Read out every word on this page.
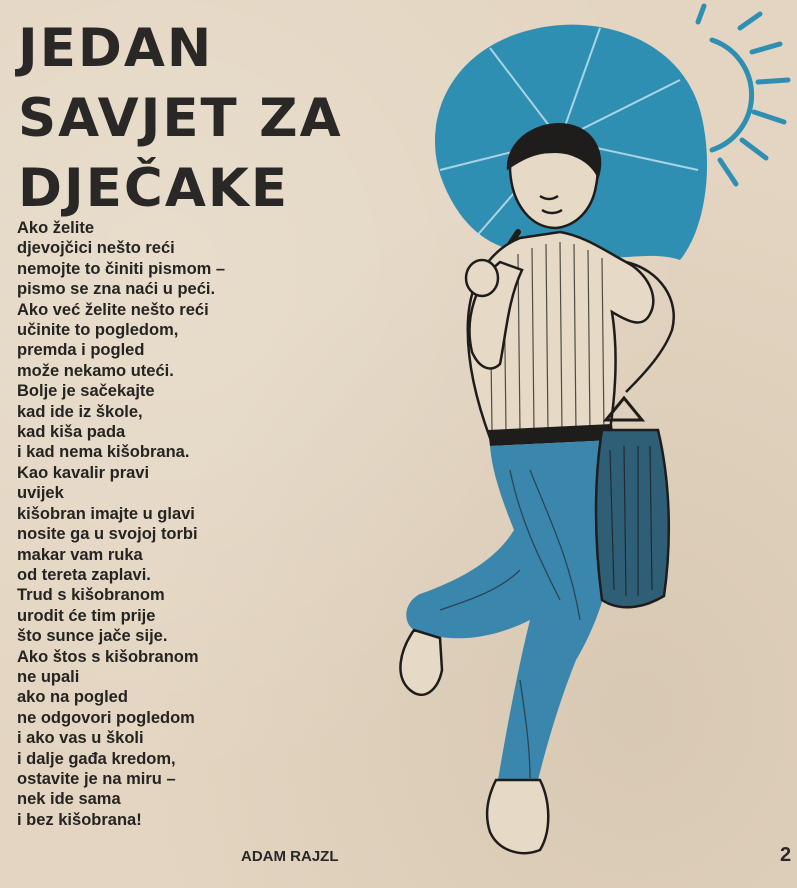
JEDAN
SAVJET ZA
DJEČAKE
Ako želite
djevojčici nešto reći
nemojte to činiti pismom –
pismo se zna naći u peći.
Ako već želite nešto reći
učinite to pogledom,
premda i pogled
može nekamo uteći.
Bolje je sačekajte
kad ide iz škole,
kad kiša pada
i kad nema kišobrana.
Kao kavalir pravi
uvijek
kišobran imajte u glavi
nosite ga u svojoj torbi
makar vam ruka
od tereta zaplavi.
Trud s kišobranom
urodit će tim prije
što sunce jače sije.
Ako štos s kišobranom
ne upali
ako na pogled
ne odgovori pogledom
i ako vas u školi
i dalje gađa kredom,
ostavite je na miru –
nek ide sama
i bez kišobrana!
ADAM RAJZL	2
